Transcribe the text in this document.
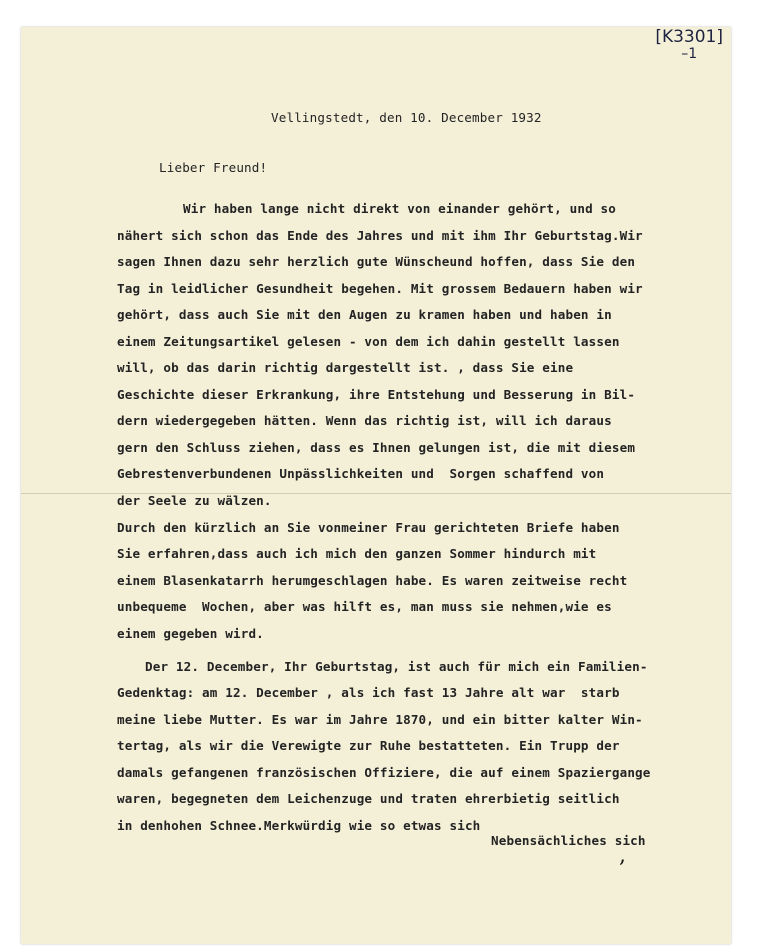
[K3301]
–1
Vellingstedt, den 10. December 1932
Lieber Freund!
Wir haben lange nicht direkt von einander gehört, und so
nähert sich schon das Ende des Jahres und mit ihm Ihr Geburtstag.Wir
sagen Ihnen dazu sehr herzlich gute Wünscheund hoffen, dass Sie den
Tag in leidlicher Gesundheit begehen. Mit grossem Bedauern haben wir
gehört, dass auch Sie mit den Augen zu kramen haben und haben in
einem Zeitungsartikel gelesen - von dem ich dahin gestellt lassen
will, ob das darin richtig dargestellt ist. , dass Sie eine
Geschichte dieser Erkrankung, ihre Entstehung und Besserung in Bil-
dern wiedergegeben hätten. Wenn das richtig ist, will ich daraus
gern den Schluss ziehen, dass es Ihnen gelungen ist, die mit diesem
Gebrestenverbundenen Unpässlichkeiten und  Sorgen schaffend von
der Seele zu wälzen.
Durch den kürzlich an Sie vonmeiner Frau gerichteten Briefe haben
Sie erfahren,dass auch ich mich den ganzen Sommer hindurch mit
einem Blasenkatarrh herumgeschlagen habe. Es waren zeitweise recht
unbequeme  Wochen, aber was hilft es, man muss sie nehmen,wie es
einem gegeben wird.
Der 12. December, Ihr Geburtstag, ist auch für mich ein Familien-
Gedenktag: am 12. December , als ich fast 13 Jahre alt war  starb
meine liebe Mutter. Es war im Jahre 1870, und ein bitter kalter Win-
tertag, als wir die Verewigte zur Ruhe bestatteten. Ein Trupp der
damals gefangenen französischen Offiziere, die auf einem Spaziergange
waren, begegneten dem Leichenzuge und traten ehrerbietig seitlich
in denhohen Schnee.Merkwürdig wie so etwas sich
Nebensächliches sich
,
